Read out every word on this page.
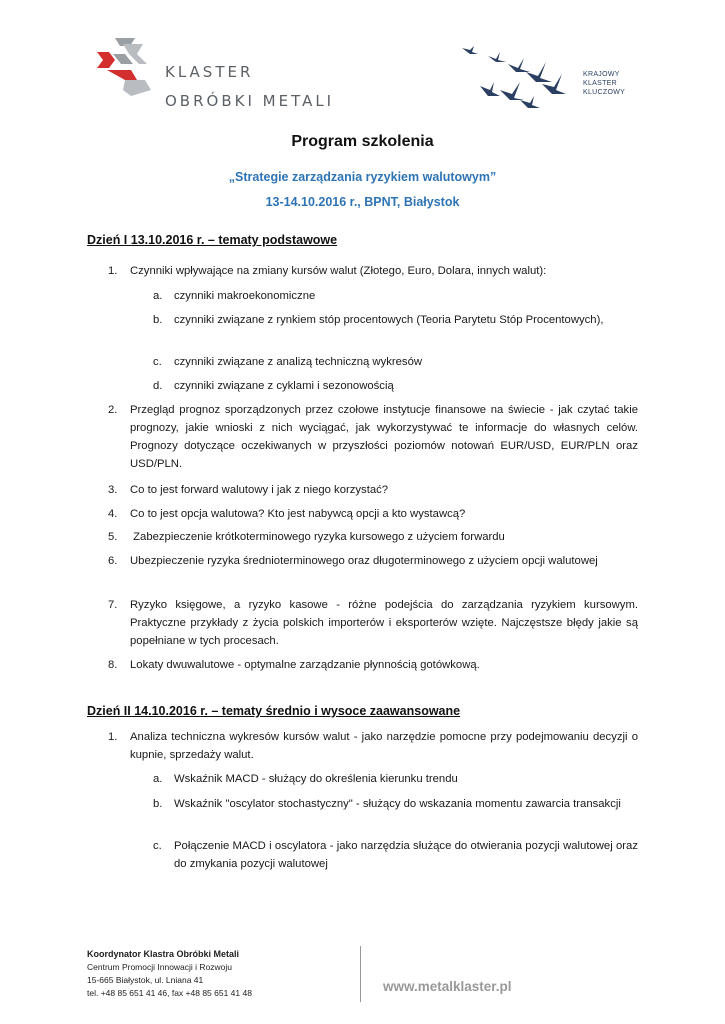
KLASTER
OBRÓBKI METALI
KRAJOWY
KLASTER
KLUCZOWY
Program szkolenia
„Strategie zarządzania ryzykiem walutowym”
13-14.10.2016 r., BPNT, Białystok
Dzień I 13.10.2016 r. – tematy podstawowe
1. Czynniki wpływające na zmiany kursów walut (Złotego, Euro, Dolara, innych walut):
a. czynniki makroekonomiczne
b. czynniki związane z rynkiem stóp procentowych (Teoria Parytetu Stóp Procentowych),
c. czynniki związane z analizą techniczną wykresów
d. czynniki związane z cyklami i sezonowością
2. Przegląd prognoz sporządzonych przez czołowe instytucje finansowe na świecie - jak czytać takie prognozy, jakie wnioski z nich wyciągać, jak wykorzystywać te informacje do własnych celów. Prognozy dotyczące oczekiwanych w przyszłości poziomów notowań EUR/USD, EUR/PLN oraz USD/PLN.
3. Co to jest forward walutowy i jak z niego korzystać?
4. Co to jest opcja walutowa? Kto jest nabywcą opcji a kto wystawcą?
5. Zabezpieczenie krótkoterminowego ryzyka kursowego z użyciem forwardu
6. Ubezpieczenie ryzyka średnioterminowego oraz długoterminowego z użyciem opcji walutowej
7. Ryzyko księgowe, a ryzyko kasowe - różne podejścia do zarządzania ryzykiem kursowym. Praktyczne przykłady z życia polskich importerów i eksporterów wzięte. Najczęstsze błędy jakie są popełniane w tych procesach.
8. Lokaty dwuwalutowe - optymalne zarządzanie płynnością gotówkową.
Dzień II 14.10.2016 r. – tematy średnio i wysoce zaawansowane
1. Analiza techniczna wykresów kursów walut - jako narzędzie pomocne przy podejmowaniu decyzji o kupnie, sprzedaży walut.
a. Wskaźnik MACD - służący do określenia kierunku trendu
b. Wskaźnik "oscylator stochastyczny" - służący do wskazania momentu zawarcia transakcji
c. Połączenie MACD i oscylatora - jako narzędzia służące do otwierania pozycji walutowej oraz do zmykania pozycji walutowej
Koordynator Klastra Obróbki Metali
Centrum Promocji Innowacji i Rozwoju
15-665 Białystok, ul. Lniana 41
tel. +48 85 651 41 46, fax +48 85 651 41 48	www.metalklaster.pl
